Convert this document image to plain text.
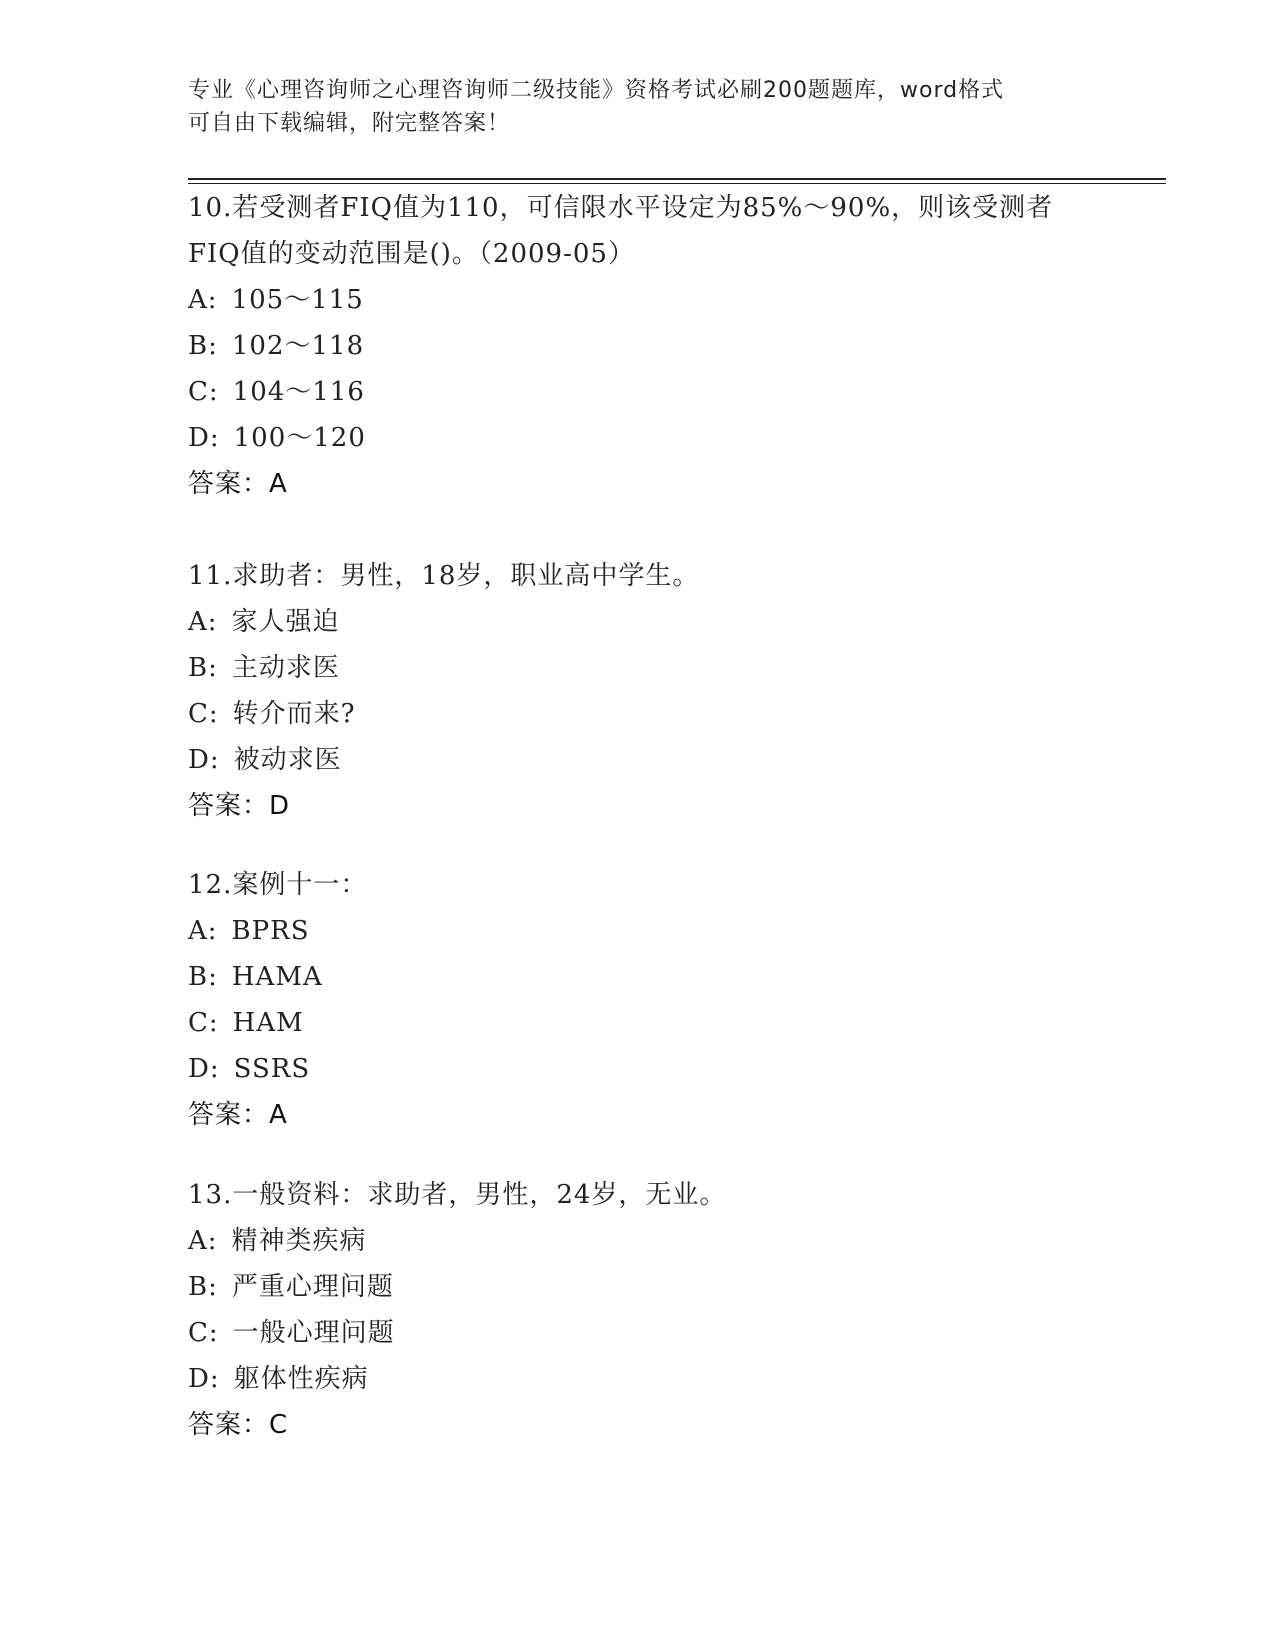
专业《心理咨询师之心理咨询师二级技能》资格考试必刷200题题库，word格式
可自由下载编辑，附完整答案！
10.若受测者FIQ值为110，可信限水平设定为85%～90%，则该受测者
FIQ值的变动范围是()。（2009-05）
A: 105～115
B: 102～118
C: 104～116
D: 100～120
答案：A
11.求助者：男性，18岁，职业高中学生。
A: 家人强迫
B: 主动求医
C: 转介而来?
D: 被动求医
答案：D
12.案例十一：
A: BPRS
B: HAMA
C: HAM
D: SSRS
答案：A
13.一般资料：求助者，男性，24岁，无业。
A: 精神类疾病
B: 严重心理问题
C: 一般心理问题
D: 躯体性疾病
答案：C
